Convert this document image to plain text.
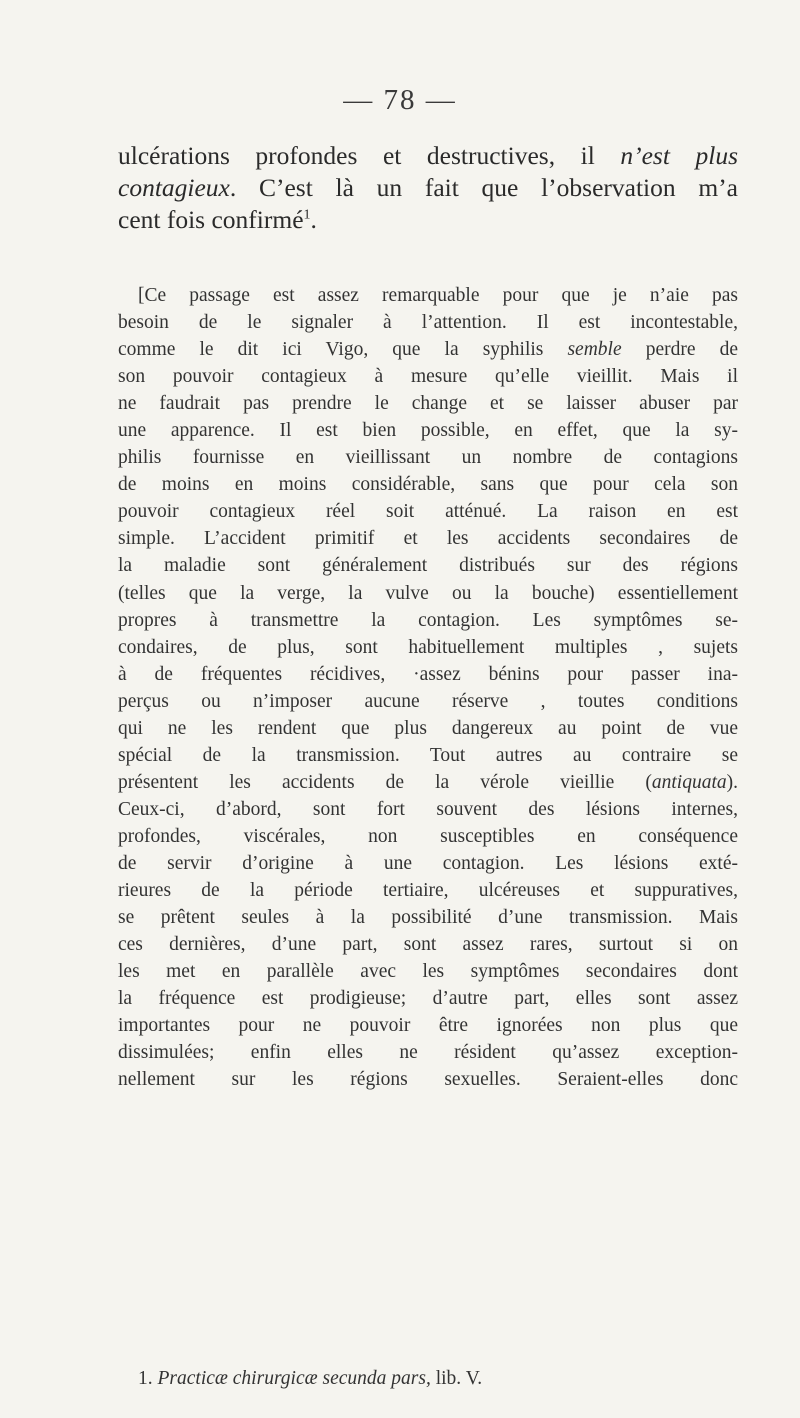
— 78 —
ulcérations profondes et destructives, il n’est plus
contagieux. C’est là un fait que l’observation m’a
cent fois confirmé$^1$.
[Ce passage est assez remarquable pour que je n’aie pas
besoin de le signaler à l’attention. Il est incontestable,
comme le dit ici Vigo, que la syphilis semble perdre de
son pouvoir contagieux à mesure qu’elle vieillit. Mais il
ne faudrait pas prendre le change et se laisser abuser par
une apparence. Il est bien possible, en effet, que la sy-
philis fournisse en vieillissant un nombre de contagions
de moins en moins considérable, sans que pour cela son
pouvoir contagieux réel soit atténué. La raison en est
simple. L’accident primitif et les accidents secondaires de
la maladie sont généralement distribués sur des régions
(telles que la verge, la vulve ou la bouche) essentiellement
propres à transmettre la contagion. Les symptômes se-
condaires, de plus, sont habituellement multiples , sujets
à de fréquentes récidives, ·assez bénins pour passer ina-
perçus ou n’imposer aucune réserve , toutes conditions
qui ne les rendent que plus dangereux au point de vue
spécial de la transmission. Tout autres au contraire se
présentent les accidents de la vérole vieillie (antiquata).
Ceux-ci, d’abord, sont fort souvent des lésions internes,
profondes, viscérales, non susceptibles en conséquence
de servir d’origine à une contagion. Les lésions exté-
rieures de la période tertiaire, ulcéreuses et suppuratives,
se prêtent seules à la possibilité d’une transmission. Mais
ces dernières, d’une part, sont assez rares, surtout si on
les met en parallèle avec les symptômes secondaires dont
la fréquence est prodigieuse; d’autre part, elles sont assez
importantes pour ne pouvoir être ignorées non plus que
dissimulées; enfin elles ne résident qu’assez exception-
nellement sur les régions sexuelles. Seraient-elles donc
1. Practicæ chirurgicæ secunda pars, lib. V.
